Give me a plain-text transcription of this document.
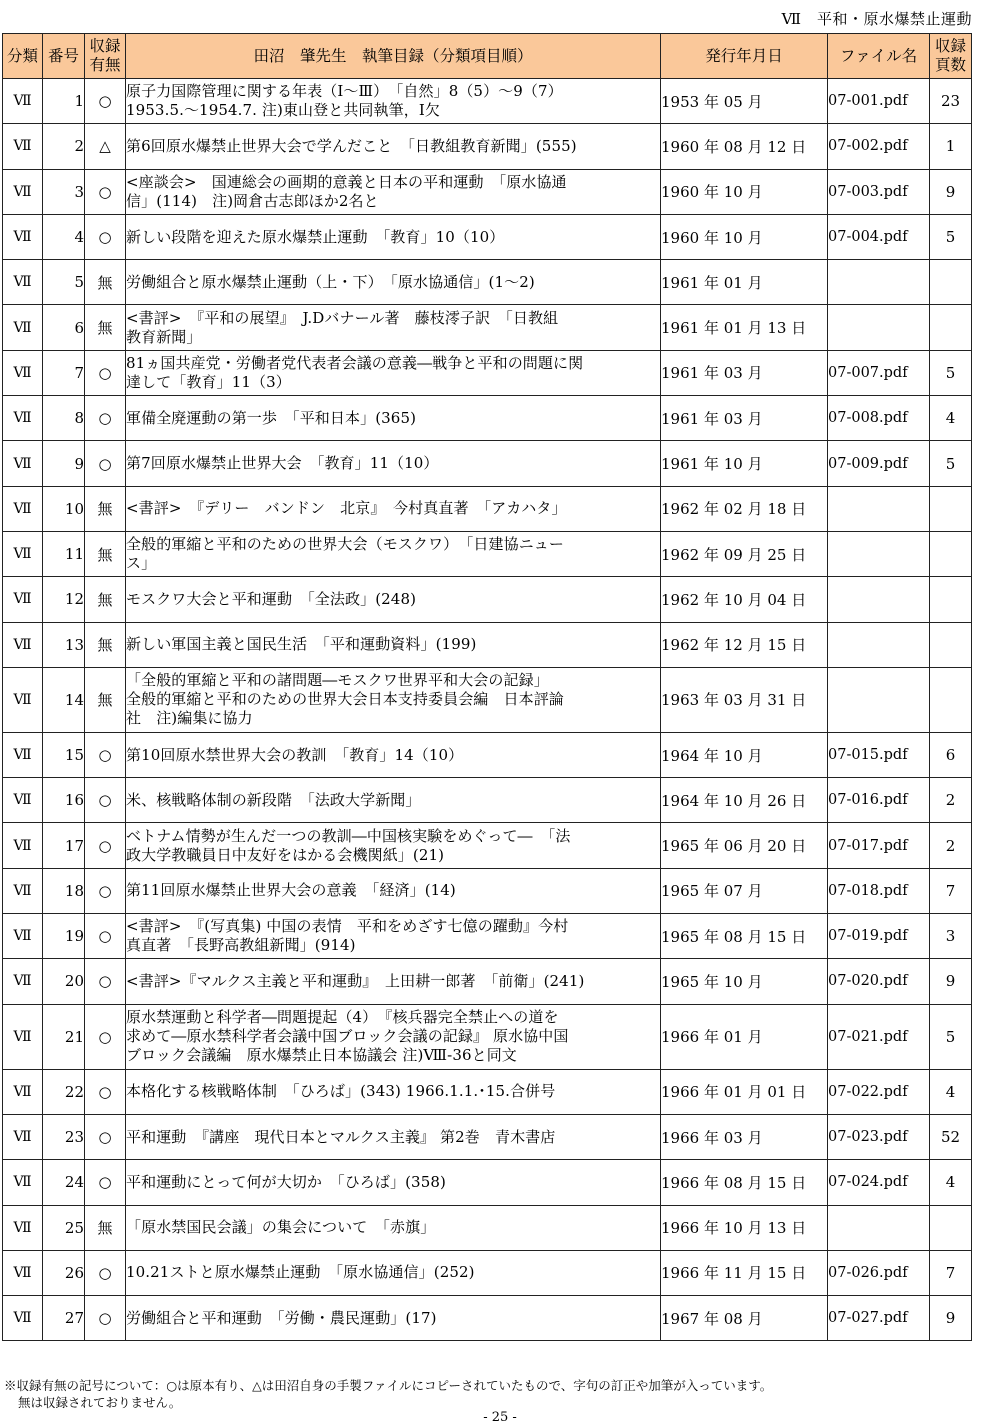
Ⅶ　平和・原水爆禁止運動
分類	番号	収録
有無	田沼　肇先生　執筆目録（分類項目順）	発行年月日	ファイル名	収録
頁数
Ⅶ	1	○	原子力国際管理に関する年表（Ⅰ～Ⅲ）　「自然」8（5）～9（7）
1953.5.～1954.7. 注)東山登と共同執筆，Ⅰ欠	1953 年 05 月	07-001.pdf	23
Ⅶ	2	△	第6回原水爆禁止世界大会で学んだこと　「日教組教育新聞」(555)	1960 年 08 月 12 日	07-002.pdf	1
Ⅶ	3	○	<座談会>　国連総会の画期的意義と日本の平和運動　「原水協通
信」(114)　注)岡倉古志郎ほか2名と	1960 年 10 月	07-003.pdf	9
Ⅶ	4	○	新しい段階を迎えた原水爆禁止運動　「教育」10（10）	1960 年 10 月	07-004.pdf	5
Ⅶ	5	無	労働組合と原水爆禁止運動（上・下）　「原水協通信」(1～2)	1961 年 01 月		
Ⅶ	6	無	<書評>　『平和の展望』　J.Dバナール著　藤枝澪子訳　「日教組
教育新聞」	1961 年 01 月 13 日		
Ⅶ	7	○	81ヵ国共産党・労働者党代表者会議の意義―戦争と平和の問題に関
達して「教育」11（3）	1961 年 03 月	07-007.pdf	5
Ⅶ	8	○	軍備全廃運動の第一歩　「平和日本」(365)	1961 年 03 月	07-008.pdf	4
Ⅶ	9	○	第7回原水爆禁止世界大会　「教育」11（10）	1961 年 10 月	07-009.pdf	5
Ⅶ	10	無	<書評>　『デリー　バンドン　北京』　今村真直著　「アカハタ」	1962 年 02 月 18 日		
Ⅶ	11	無	全般的軍縮と平和のための世界大会（モスクワ）　「日建協ニュー
ス」	1962 年 09 月 25 日		
Ⅶ	12	無	モスクワ大会と平和運動　「全法政」(248)	1962 年 10 月 04 日		
Ⅶ	13	無	新しい軍国主義と国民生活　「平和運動資料」(199)	1962 年 12 月 15 日		
Ⅶ	14	無	「全般的軍縮と平和の諸問題―モスクワ世界平和大会の記録」
全般的軍縮と平和のための世界大会日本支持委員会編　日本評論
社　注)編集に協力	1963 年 03 月 31 日		
Ⅶ	15	○	第10回原水禁世界大会の教訓　「教育」14（10）	1964 年 10 月	07-015.pdf	6
Ⅶ	16	○	米、核戦略体制の新段階　「法政大学新聞」	1964 年 10 月 26 日	07-016.pdf	2
Ⅶ	17	○	ベトナム情勢が生んだ一つの教訓―中国核実験をめぐって―　「法
政大学教職員日中友好をはかる会機関紙」(21)	1965 年 06 月 20 日	07-017.pdf	2
Ⅶ	18	○	第11回原水爆禁止世界大会の意義　「経済」(14)	1965 年 07 月	07-018.pdf	7
Ⅶ	19	○	<書評>　『(写真集) 中国の表情　平和をめざす七億の躍動』今村
真直著　「長野高教組新聞」(914)	1965 年 08 月 15 日	07-019.pdf	3
Ⅶ	20	○	<書評>『マルクス主義と平和運動』　上田耕一郎著　「前衛」(241)	1965 年 10 月	07-020.pdf	9
Ⅶ	21	○	原水禁運動と科学者―問題提起（4）　『核兵器完全禁止への道を
求めて―原水禁科学者会議中国ブロック会議の記録』 原水協中国
ブロック会議編　原水爆禁止日本協議会 注)Ⅷ-36と同文	1966 年 01 月	07-021.pdf	5
Ⅶ	22	○	本格化する核戦略体制　「ひろば」(343) 1966.1.1.･15.合併号	1966 年 01 月 01 日	07-022.pdf	4
Ⅶ	23	○	平和運動　『講座　現代日本とマルクス主義』 第2巻　青木書店	1966 年 03 月	07-023.pdf	52
Ⅶ	24	○	平和運動にとって何が大切か　「ひろば」(358)	1966 年 08 月 15 日	07-024.pdf	4
Ⅶ	25	無	「原水禁国民会議」の集会について　「赤旗」	1966 年 10 月 13 日		
Ⅶ	26	○	10.21ストと原水爆禁止運動　「原水協通信」(252)	1966 年 11 月 15 日	07-026.pdf	7
Ⅶ	27	○	労働組合と平和運動　「労働・農民運動」(17)	1967 年 08 月	07-027.pdf	9
※収録有無の記号について：○は原本有り、△は田沼自身の手製ファイルにコピーされていたもので、字句の訂正や加筆が入っています。
無は収録されておりません。
- 25 -
